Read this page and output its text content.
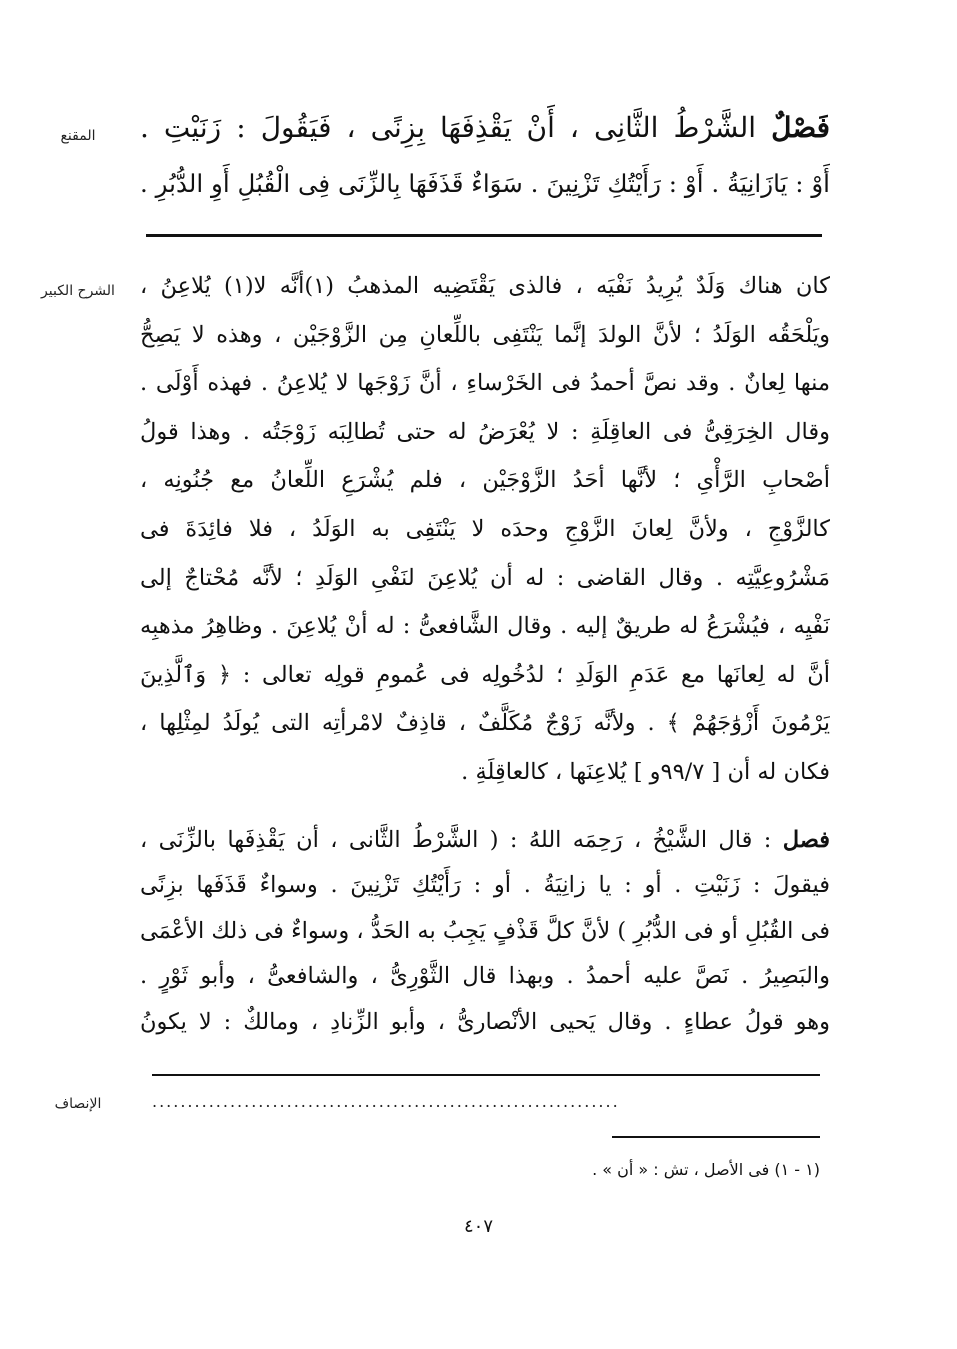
المقنع
الشرح الكبير
الإنصاف
فَصْلٌ الشَّرْطُ الثَّانِى ، أَنْ يَقْذِفَهَا بِزِنًى ، فَيَقُولَ : زَنَيْتِ .
أَوْ : يَازَانِيَةُ . أَوْ : رَأَيْتُكِ تَزْنِينَ . سَوَاءٌ قَذَفَهَا بِالزِّنَى فِى الْقُبُلِ أَوِ الدُّبُرِ .
كان هناك وَلَدٌ يُرِيدُ نَفْيَه ، فالذى يَقْتَضِيه المذهبُ (١)أنَّه لا(١) يُلاعِنُ ،
ويَلْحَقُه الوَلَدُ ؛ لأنَّ الولدَ إنَّما يَنْتَفِى باللِّعانِ مِن الزَّوْجَيْن ، وهذه لا يَصِحُّ
منها لِعانٌ . وقد نصَّ أحمدُ فى الخَرْساءِ ، أنَّ زَوْجَها لا يُلاعِنُ . فهذه أَوْلَى .
وقال الخِرَقِىُّ فى العاقِلَةِ : لا يُعْرَضُ له حتى تُطالِبَه زَوْجَتُه . وهذا قولُ
أصْحابِ الرَّأْىِ ؛ لأنَّها أحَدُ الزَّوْجَيْن ، فلم يُشْرَعِ اللِّعانُ مع جُنُونِه ،
كالزَّوْجِ ، ولأنَّ لِعانَ الزَّوْجِ وحدَه لا يَنْتَفِى به الوَلَدُ ، فلا فائِدَةَ فى
مَشْرُوعِيَّتِه . وقال القاضى : له أن يُلاعِنَ لنَفْىِ الوَلَدِ ؛ لأنَّه مُحْتاجٌ إلى
نَفْيِه ، فيُشْرَعُ له طريقٌ إليه . وقال الشَّافعىُّ : له أنْ يُلاعِنَ . وظاهِرُ مذهبِه
أنَّ له لِعانَها مع عَدَمِ الوَلَدِ ؛ لدُخُولِه فى عُمومِ قولِه تعالى : ﴿ وَٱلَّذِينَ
يَرْمُونَ أَزْوَٰجَهُمْ ﴾ . ولأنَّه زَوْجٌ مُكَلَّفٌ ، قاذِفٌ لامْرأتِه التى يُولَدُ لمِثْلِها ،
فكان له أن [ ٩٩/٧و ] يُلاعِنَها ، كالعاقِلَةِ .
فصل : قال الشَّيْخُ ، رَحِمَه اللهُ : ( الشَّرْطُ الثَّانى ، أن يَقْذِفَها بالزِّنَى ،
فيقولَ : زَنَيْتِ . أو : يا زانِيَةُ . أو : رَأَيْتُكِ تَزْنِينَ . وسواءٌ قَذَفَها بزِنًى
فى القُبُلِ أو فى الدُّبُرِ ) لأنَّ كلَّ قَذْفٍ يَجِبُ به الحَدُّ ، وسواءٌ فى ذلك الأعْمَى
والبَصِيرُ . نَصَّ عليه أحمدُ . وبهذا قال الثَّوْرِىُّ ، والشافعىُّ ، وأبو ثَوْرٍ .
وهو قولُ عطاءٍ . وقال يَحيى الأنْصارىُّ ، وأبو الزِّنادِ ، ومالكٌ : لا يكونُ
..................................................................
(١ - ١) فى الأصل ، تش : « أن » .
٤٠٧
